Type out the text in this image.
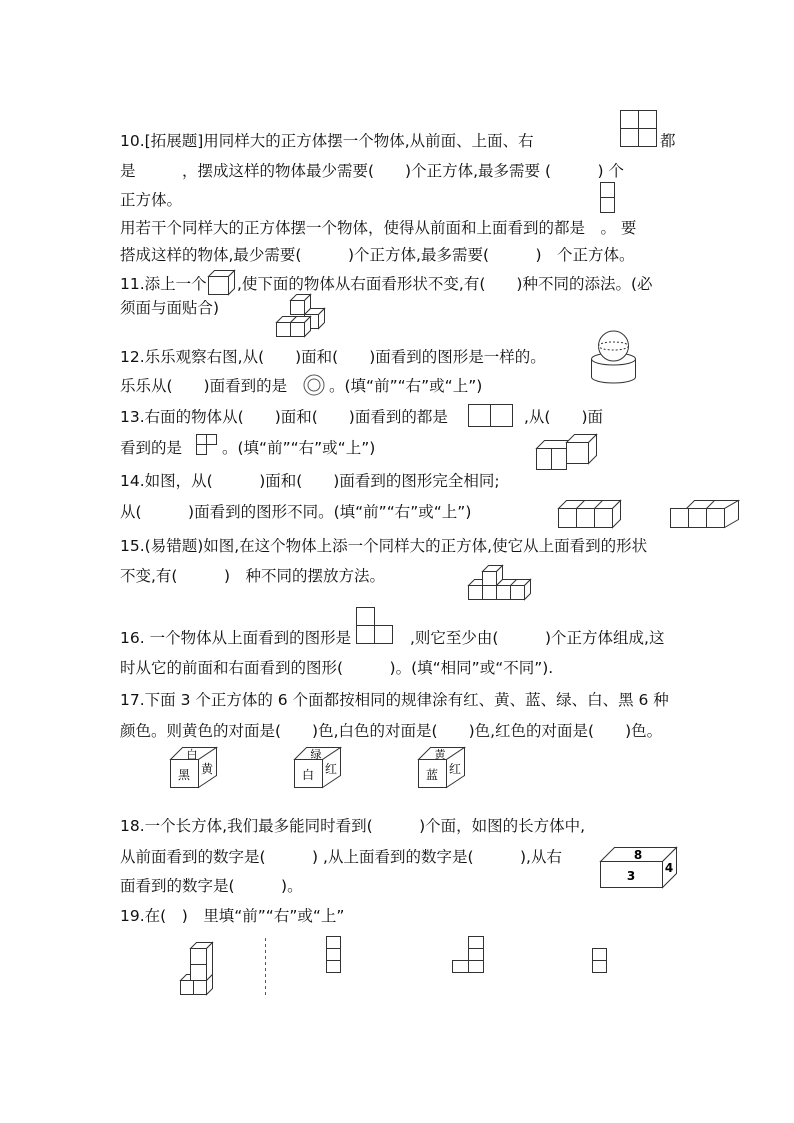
10.[拓展题]用同样大的正方体摆一个物体,从前面、上面、右	都
是　　　，摆成这样的物体最少需要(　　)个正方体,最多需要 (　　　) 个
正方体。
用若干个同样大的正方体摆一个物体，使得从前面和上面看到的都是　。 要
搭成这样的物体,最少需要(　　　)个正方体,最多需要(　　　)　个正方体。
11.添上一个 ,使下面的物体从右面看形状不变,有(　　)种不同的添法。(必
须面与面贴合)
12.乐乐观察右图,从(　　)面和(　　)面看到的图形是一样的。
乐乐从(　　)面看到的是	。(填“前”“右”或“上”)
13.右面的物体从(　　)面和(　　)面看到的都是	,从(　　)面
看到的是	。(填“前”“右”或“上”)
14.如图，从(　　　)面和(　　)面看到的图形完全相同;
从(　　　)面看到的图形不同。(填“前”“右”或“上”)
15.(易错题)如图,在这个物体上添一个同样大的正方体,使它从上面看到的形状
不变,有(　　　)　种不同的摆放方法。
16. 一个物体从上面看到的图形是	,则它至少由(　　　)个正方体组成,这
时从它的前面和右面看到的图形(　　　)。(填“相同”或“不同”).
17.下面 3 个正方体的 6 个面都按相同的规律涂有红、黄、蓝、绿、白、黑 6 种
颜色。则黄色的对面是(　　)色,白色的对面是(　　)色,红色的对面是(　　)色。
白
黑 黄
绿
白 红
黄
蓝 红
18.一个长方体,我们最多能同时看到(　　　)个面，如图的长方体中,
从前面看到的数字是(　　　) ,从上面看到的数字是(　　　),从右
面看到的数字是(　　　)。
8
3
4
19.在(　)　里填“前”“右”或“上”
